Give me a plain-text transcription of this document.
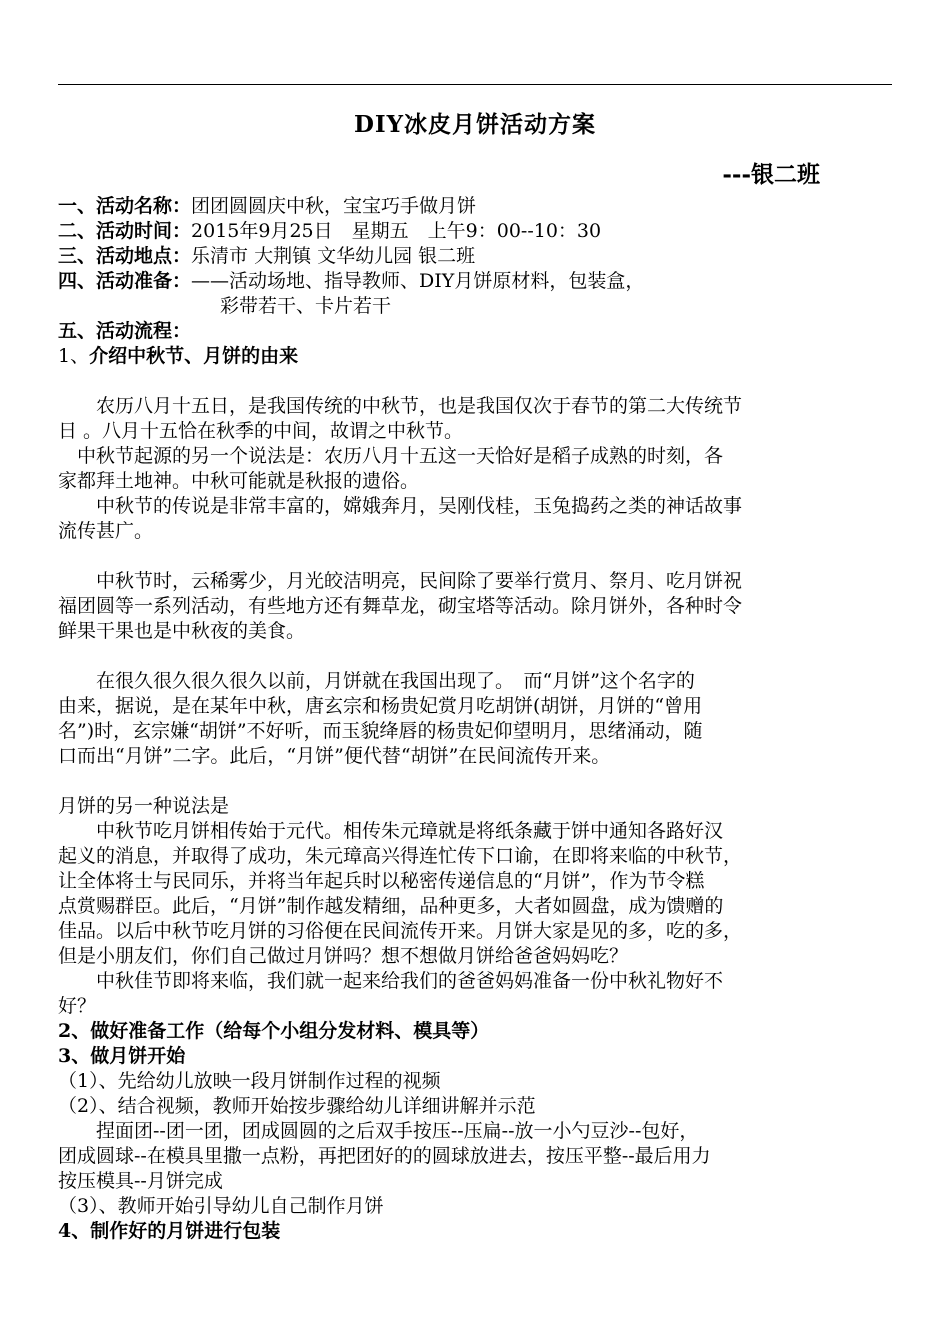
DIY冰皮月饼活动方案
---银二班
一、活动名称：团团圆圆庆中秋，宝宝巧手做月饼
二、活动时间：2015年9月25日　星期五　上午9：00--10：30
三、活动地点：乐清市 大荆镇 文华幼儿园 银二班
四、活动准备：——活动场地、指导教师、DIY月饼原材料，包装盒，
彩带若干、卡片若干
五、活动流程：
1、介绍中秋节、月饼的由来
　　农历八月十五日，是我国传统的中秋节，也是我国仅次于春节的第二大传统节
日 。八月十五恰在秋季的中间，故谓之中秋节。
　中秋节起源的另一个说法是：农历八月十五这一天恰好是稻子成熟的时刻，各
家都拜土地神。中秋可能就是秋报的遗俗。
　　中秋节的传说是非常丰富的，嫦娥奔月，吴刚伐桂，玉兔捣药之类的神话故事
流传甚广。
　　中秋节时，云稀雾少，月光皎洁明亮，民间除了要举行赏月、祭月、吃月饼祝
福团圆等一系列活动，有些地方还有舞草龙，砌宝塔等活动。除月饼外，各种时令
鲜果干果也是中秋夜的美食。
　　在很久很久很久很久以前，月饼就在我国出现了。　而“月饼”这个名字的
由来，据说，是在某年中秋，唐玄宗和杨贵妃赏月吃胡饼(胡饼，月饼的“曾用
名”)时，玄宗嫌“胡饼”不好听，而玉貌绛唇的杨贵妃仰望明月，思绪涌动，随
口而出“月饼”二字。此后，“月饼”便代替“胡饼”在民间流传开来。
月饼的另一种说法是
　　中秋节吃月饼相传始于元代。相传朱元璋就是将纸条藏于饼中通知各路好汉
起义的消息，并取得了成功，朱元璋高兴得连忙传下口谕，在即将来临的中秋节，
让全体将士与民同乐，并将当年起兵时以秘密传递信息的“月饼”，作为节令糕
点赏赐群臣。此后，“月饼”制作越发精细，品种更多，大者如圆盘，成为馈赠的
佳品。以后中秋节吃月饼的习俗便在民间流传开来。月饼大家是见的多，吃的多，
但是小朋友们，你们自己做过月饼吗？想不想做月饼给爸爸妈妈吃？
　　中秋佳节即将来临，我们就一起来给我们的爸爸妈妈准备一份中秋礼物好不
好？
2、做好准备工作（给每个小组分发材料、模具等）
3、做月饼开始
（1）、先给幼儿放映一段月饼制作过程的视频
（2）、结合视频，教师开始按步骤给幼儿详细讲解并示范
　　捏面团--团一团，团成圆圆的之后双手按压--压扁--放一小勺豆沙--包好，
团成圆球--在模具里撒一点粉，再把团好的的圆球放进去，按压平整--最后用力
按压模具--月饼完成
（3）、教师开始引导幼儿自己制作月饼
4、制作好的月饼进行包装
